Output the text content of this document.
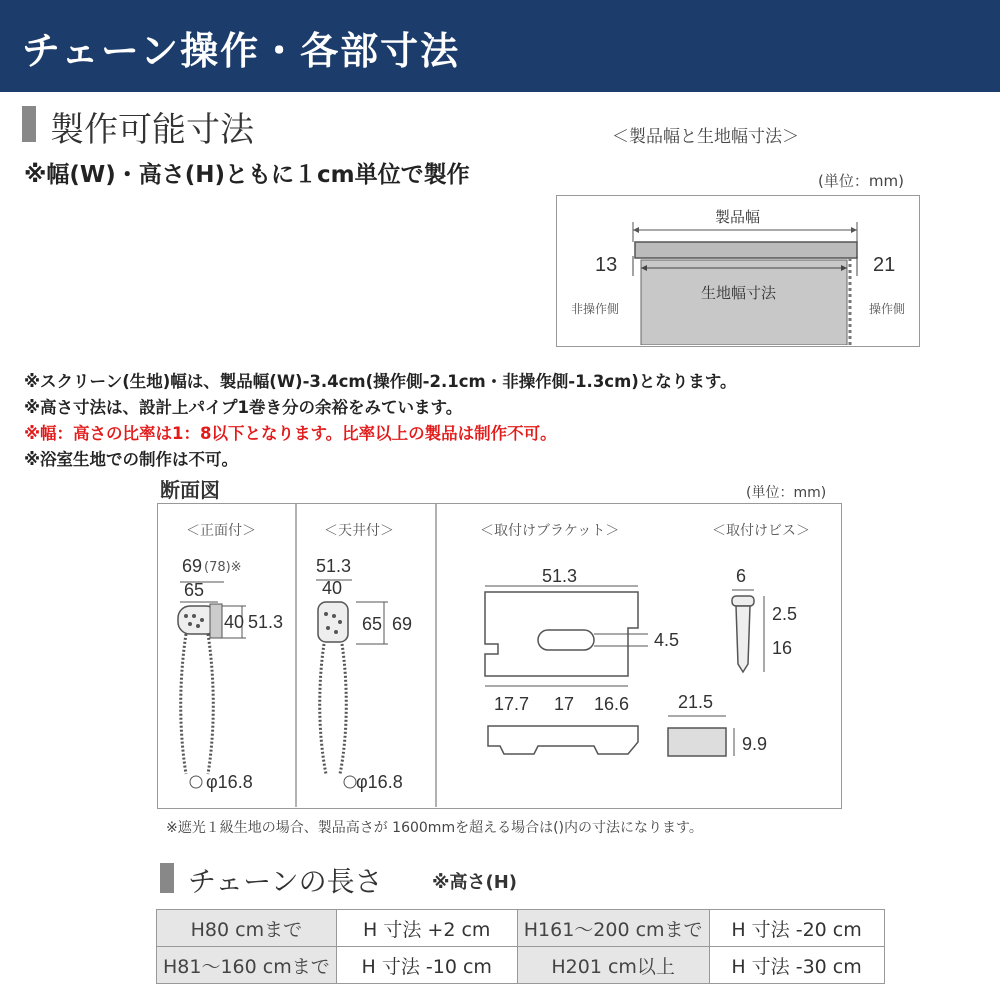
チェーン操作・各部寸法
製作可能寸法
※幅(W)・高さ(H)ともに１cm単位で製作
＜製品幅と生地幅寸法＞
(単位：mm)
製品幅
生地幅寸法
13	21
非操作側	操作側
※スクリーン(生地)幅は、製品幅(W)-3.4cm(操作側-2.1cm・非操作側-1.3cm)となります。
※高さ寸法は、設計上パイプ1巻き分の余裕をみています。
※幅：高さの比率は1：8以下となります。比率以上の製品は制作不可。
※浴室生地での制作は不可。
断面図	(単位：mm)
＜正面付＞	＜天井付＞	＜取付けブラケット＞	＜取付けビス＞
69 (78)※
65
40 51.3
φ16.8
51.3
40
65 69
φ16.8
51.3
4.5
17.7 17 16.6	21.5
9.9
6
2.5
16
※遮光１級生地の場合、製品高さが 1600mmを超える場合は()内の寸法になります。
チェーンの長さ	※高さ(H)
H80 cmまで	H 寸法 +2 cm	H161～200 cmまで	H 寸法 -20 cm
H81～160 cmまで	H 寸法 -10 cm	H201 cm以上	H 寸法 -30 cm
